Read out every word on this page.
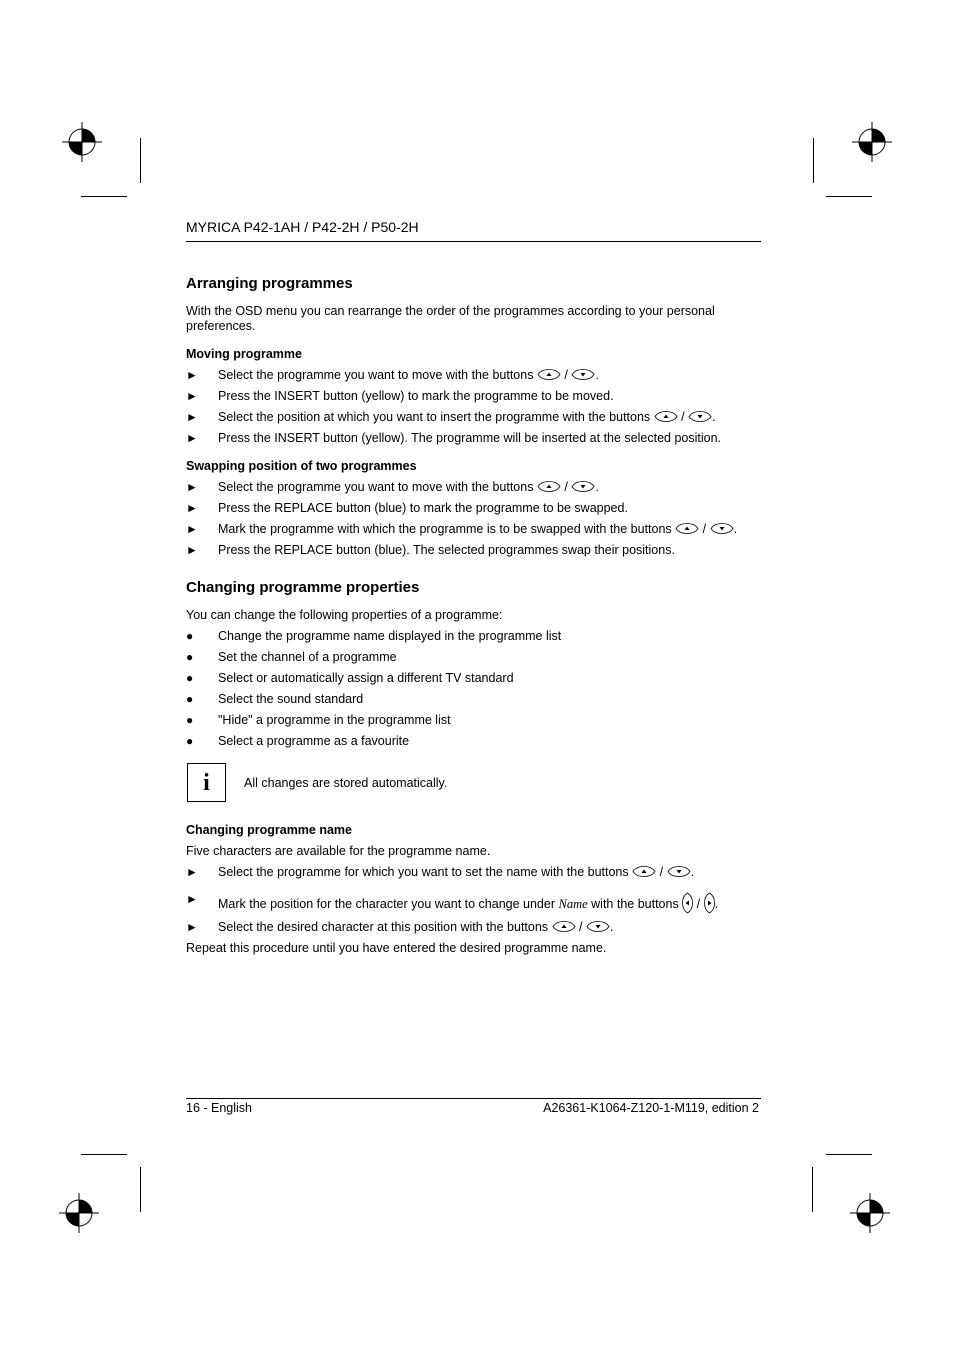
MYRICA P42-1AH / P42-2H / P50-2H
Arranging programmes
With the OSD menu you can rearrange the order of the programmes according to your personal preferences.
Moving programme
► Select the programme you want to move with the buttons / .
► Press the INSERT button (yellow) to mark the programme to be moved.
► Select the position at which you want to insert the programme with the buttons / .
► Press the INSERT button (yellow). The programme will be inserted at the selected position.
Swapping position of two programmes
► Select the programme you want to move with the buttons / .
► Press the REPLACE button (blue) to mark the programme to be swapped.
► Mark the programme with which the programme is to be swapped with the buttons / .
► Press the REPLACE button (blue). The selected programmes swap their positions.
Changing programme properties
You can change the following properties of a programme:
● Change the programme name displayed in the programme list
● Set the channel of a programme
● Select or automatically assign a different TV standard
● Select the sound standard
● "Hide" a programme in the programme list
● Select a programme as a favourite
i	All changes are stored automatically.
Changing programme name
Five characters are available for the programme name.
► Select the programme for which you want to set the name with the buttons / .
► Mark the position for the character you want to change under Name with the buttons / .
► Select the desired character at this position with the buttons / .
Repeat this procedure until you have entered the desired programme name.
16 - English	A26361-K1064-Z120-1-M119, edition 2
